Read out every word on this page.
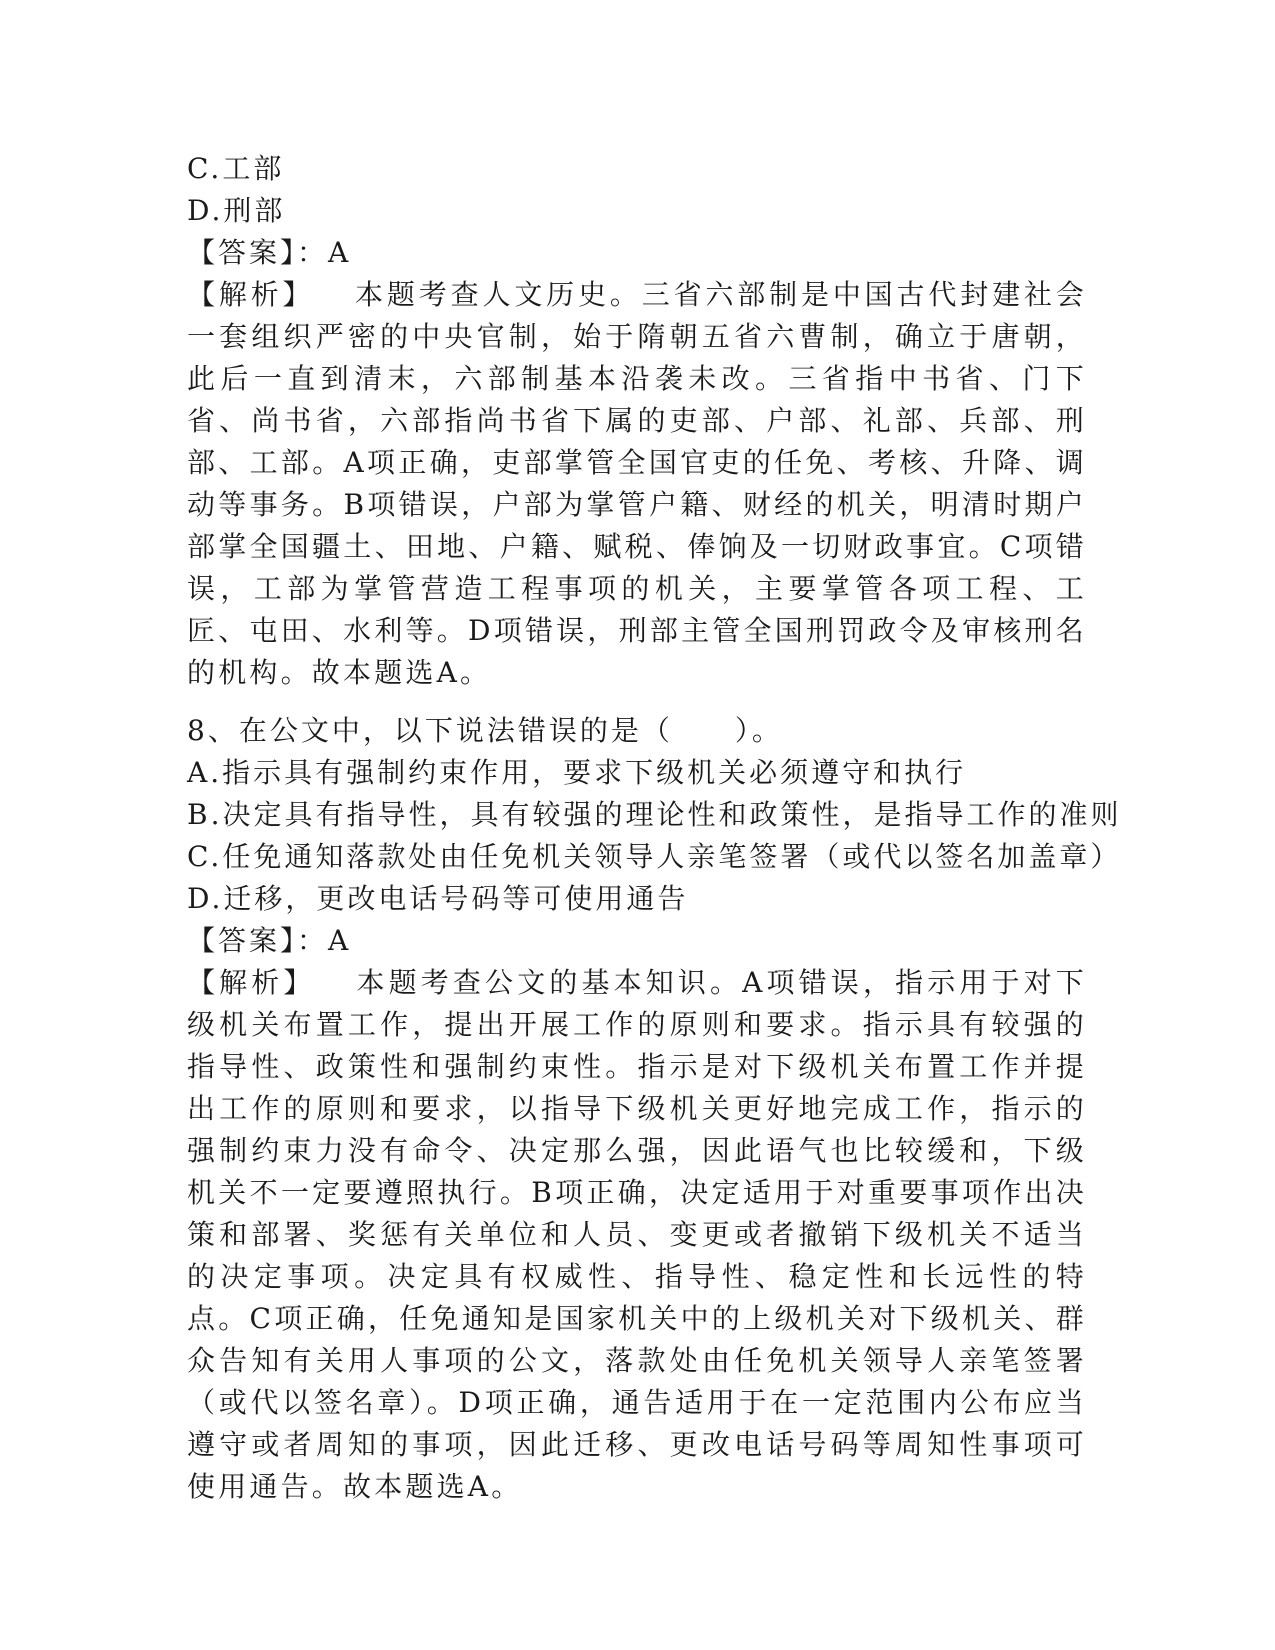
C.工部
D.刑部
【答案】：A
【解析】 本题考查人文历史。三省六部制是中国古代封建社会一套组织严密的中央官制，始于隋朝五省六曹制，确立于唐朝，此后一直到清末，六部制基本沿袭未改。三省指中书省、门下省、尚书省，六部指尚书省下属的吏部、户部、礼部、兵部、刑部、工部。A项正确，吏部掌管全国官吏的任免、考核、升降、调动等事务。B项错误，户部为掌管户籍、财经的机关，明清时期户部掌全国疆土、田地、户籍、赋税、俸饷及一切财政事宜。C项错误，工部为掌管营造工程事项的机关，主要掌管各项工程、工匠、屯田、水利等。D项错误，刑部主管全国刑罚政令及审核刑名的机构。故本题选A。
8、在公文中，以下说法错误的是（　　）。
A.指示具有强制约束作用，要求下级机关必须遵守和执行
B.决定具有指导性，具有较强的理论性和政策性，是指导工作的准则
C.任免通知落款处由任免机关领导人亲笔签署（或代以签名加盖章）
D.迁移，更改电话号码等可使用通告
【答案】：A
【解析】 本题考查公文的基本知识。A项错误，指示用于对下级机关布置工作，提出开展工作的原则和要求。指示具有较强的指导性、政策性和强制约束性。指示是对下级机关布置工作并提出工作的原则和要求，以指导下级机关更好地完成工作，指示的强制约束力没有命令、决定那么强，因此语气也比较缓和，下级机关不一定要遵照执行。B项正确，决定适用于对重要事项作出决策和部署、奖惩有关单位和人员、变更或者撤销下级机关不适当的决定事项。决定具有权威性、指导性、稳定性和长远性的特点。C项正确，任免通知是国家机关中的上级机关对下级机关、群众告知有关用人事项的公文，落款处由任免机关领导人亲笔签署（或代以签名章）。D项正确，通告适用于在一定范围内公布应当遵守或者周知的事项，因此迁移、更改电话号码等周知性事项可使用通告。故本题选A。
